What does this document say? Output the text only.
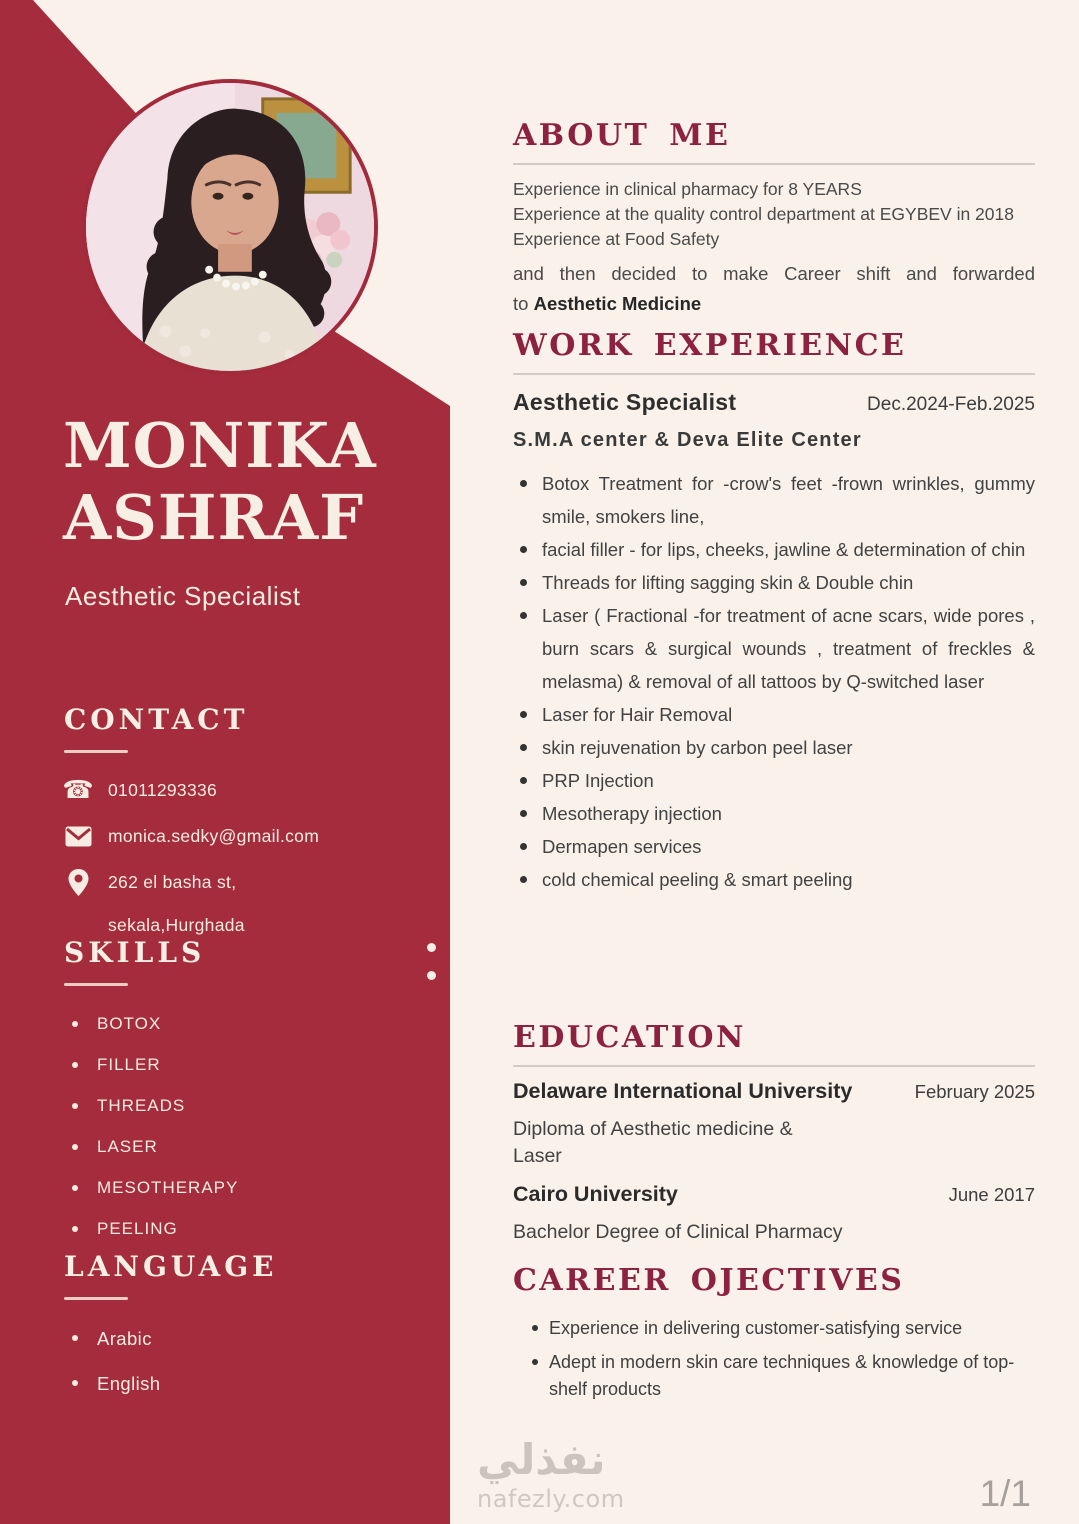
MONIKA
ASHRAF
Aesthetic Specialist
CONTACT
☎ 01011293336
monica.sedky@gmail.com
262 el basha st,
sekala,Hurghada
SKILLS
BOTOX
FILLER
THREADS
LASER
MESOTHERAPY
PEELING
LANGUAGE
Arabic
English
ABOUT ME
Experience in clinical pharmacy for 8 YEARS
Experience at the quality control department at EGYBEV in 2018
Experience at Food Safety
and then decided to make Career shift and forwarded
to Aesthetic Medicine
WORK EXPERIENCE
Aesthetic Specialist	Dec.2024-Feb.2025
S.M.A center & Deva Elite Center
Botox Treatment for -crow's feet -frown wrinkles, gummy smile, smokers line,
facial filler - for lips, cheeks, jawline & determination of chin
Threads for lifting sagging skin & Double chin
Laser ( Fractional -for treatment of acne scars, wide pores , burn scars & surgical wounds , treatment of freckles & melasma) & removal of all tattoos by Q-switched laser
Laser for Hair Removal
skin rejuvenation by carbon peel laser
PRP Injection
Mesotherapy injection
Dermapen services
cold chemical peeling & smart peeling
EDUCATION
Delaware International University	February 2025
Diploma of Aesthetic medicine &
Laser
Cairo University	June 2017
Bachelor Degree of Clinical Pharmacy
CAREER OJECTIVES
Experience in delivering customer-satisfying service
Adept in modern skin care techniques & knowledge of top-shelf products
نفذلي
nafezly.com	1/1
